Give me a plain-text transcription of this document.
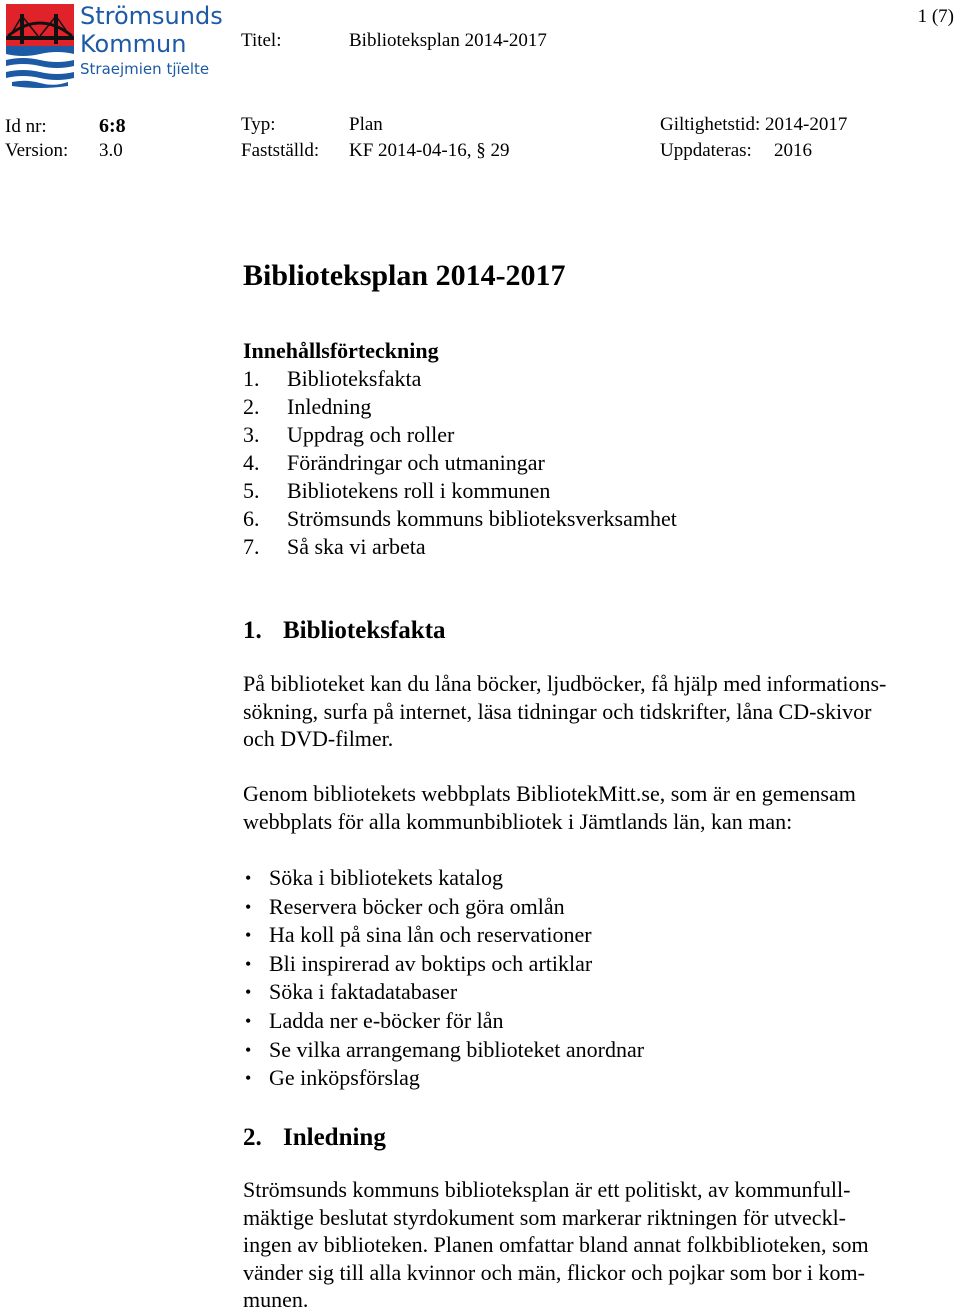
Strömsunds
Kommun
Straejmien tjïelte
1 (7)
Titel:	Biblioteksplan 2014-2017
Id nr:	6:8	Typ:	Plan	Giltighetstid: 2014-2017
Version: 3.0	Fastställd: KF 2014-04-16, § 29	Uppdateras: 2016
Biblioteksplan 2014-2017
Innehållsförteckning
1. Biblioteksfakta
2. Inledning
3. Uppdrag och roller
4. Förändringar och utmaningar
5. Bibliotekens roll i kommunen
6. Strömsunds kommuns biblioteksverksamhet
7. Så ska vi arbeta
1. Biblioteksfakta
På biblioteket kan du låna böcker, ljudböcker, få hjälp med informations-
sökning, surfa på internet, läsa tidningar och tidskrifter, låna CD-skivor
och DVD-filmer.
Genom bibliotekets webbplats BibliotekMitt.se, som är en gemensam
webbplats för alla kommunbibliotek i Jämtlands län, kan man:
• Söka i bibliotekets katalog
• Reservera böcker och göra omlån
• Ha koll på sina lån och reservationer
• Bli inspirerad av boktips och artiklar
• Söka i faktadatabaser
• Ladda ner e-böcker för lån
• Se vilka arrangemang biblioteket anordnar
• Ge inköpsförslag
2. Inledning
Strömsunds kommuns biblioteksplan är ett politiskt, av kommunfull-
mäktige beslutat styrdokument som markerar riktningen för utveckl-
ingen av biblioteken. Planen omfattar bland annat folkbiblioteken, som
vänder sig till alla kvinnor och män, flickor och pojkar som bor i kom-
munen.
